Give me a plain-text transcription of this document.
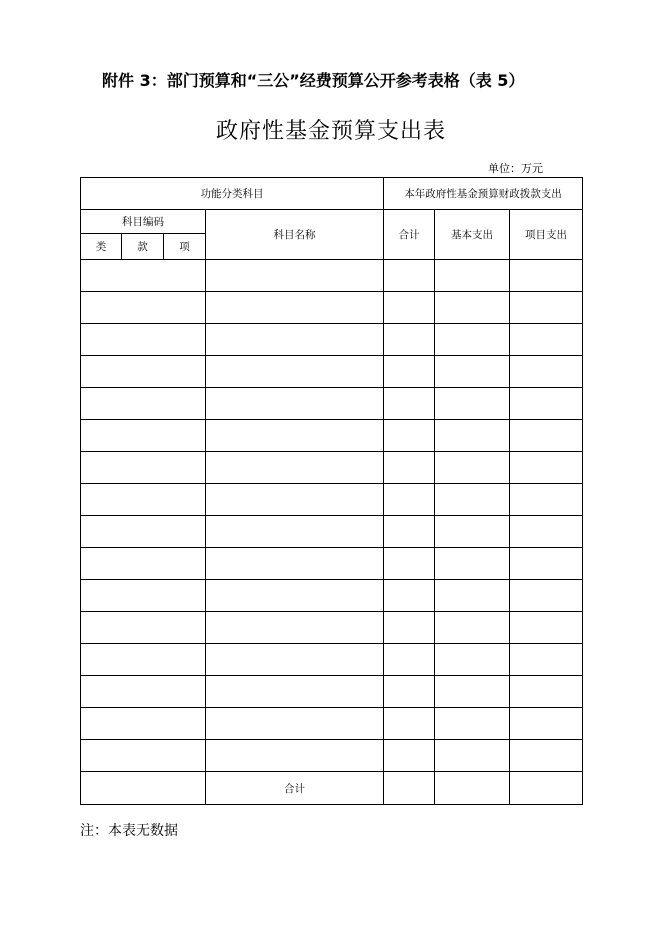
附件 3：部门预算和“三公”经费预算公开参考表格（表 5）
政府性基金预算支出表
单位：万元
功能分类科目				本年政府性基金预算财政拨款支出		
科目编码			科目名称	合计	基本支出	项目支出
类	款	项				

			合计			
注：本表无数据
